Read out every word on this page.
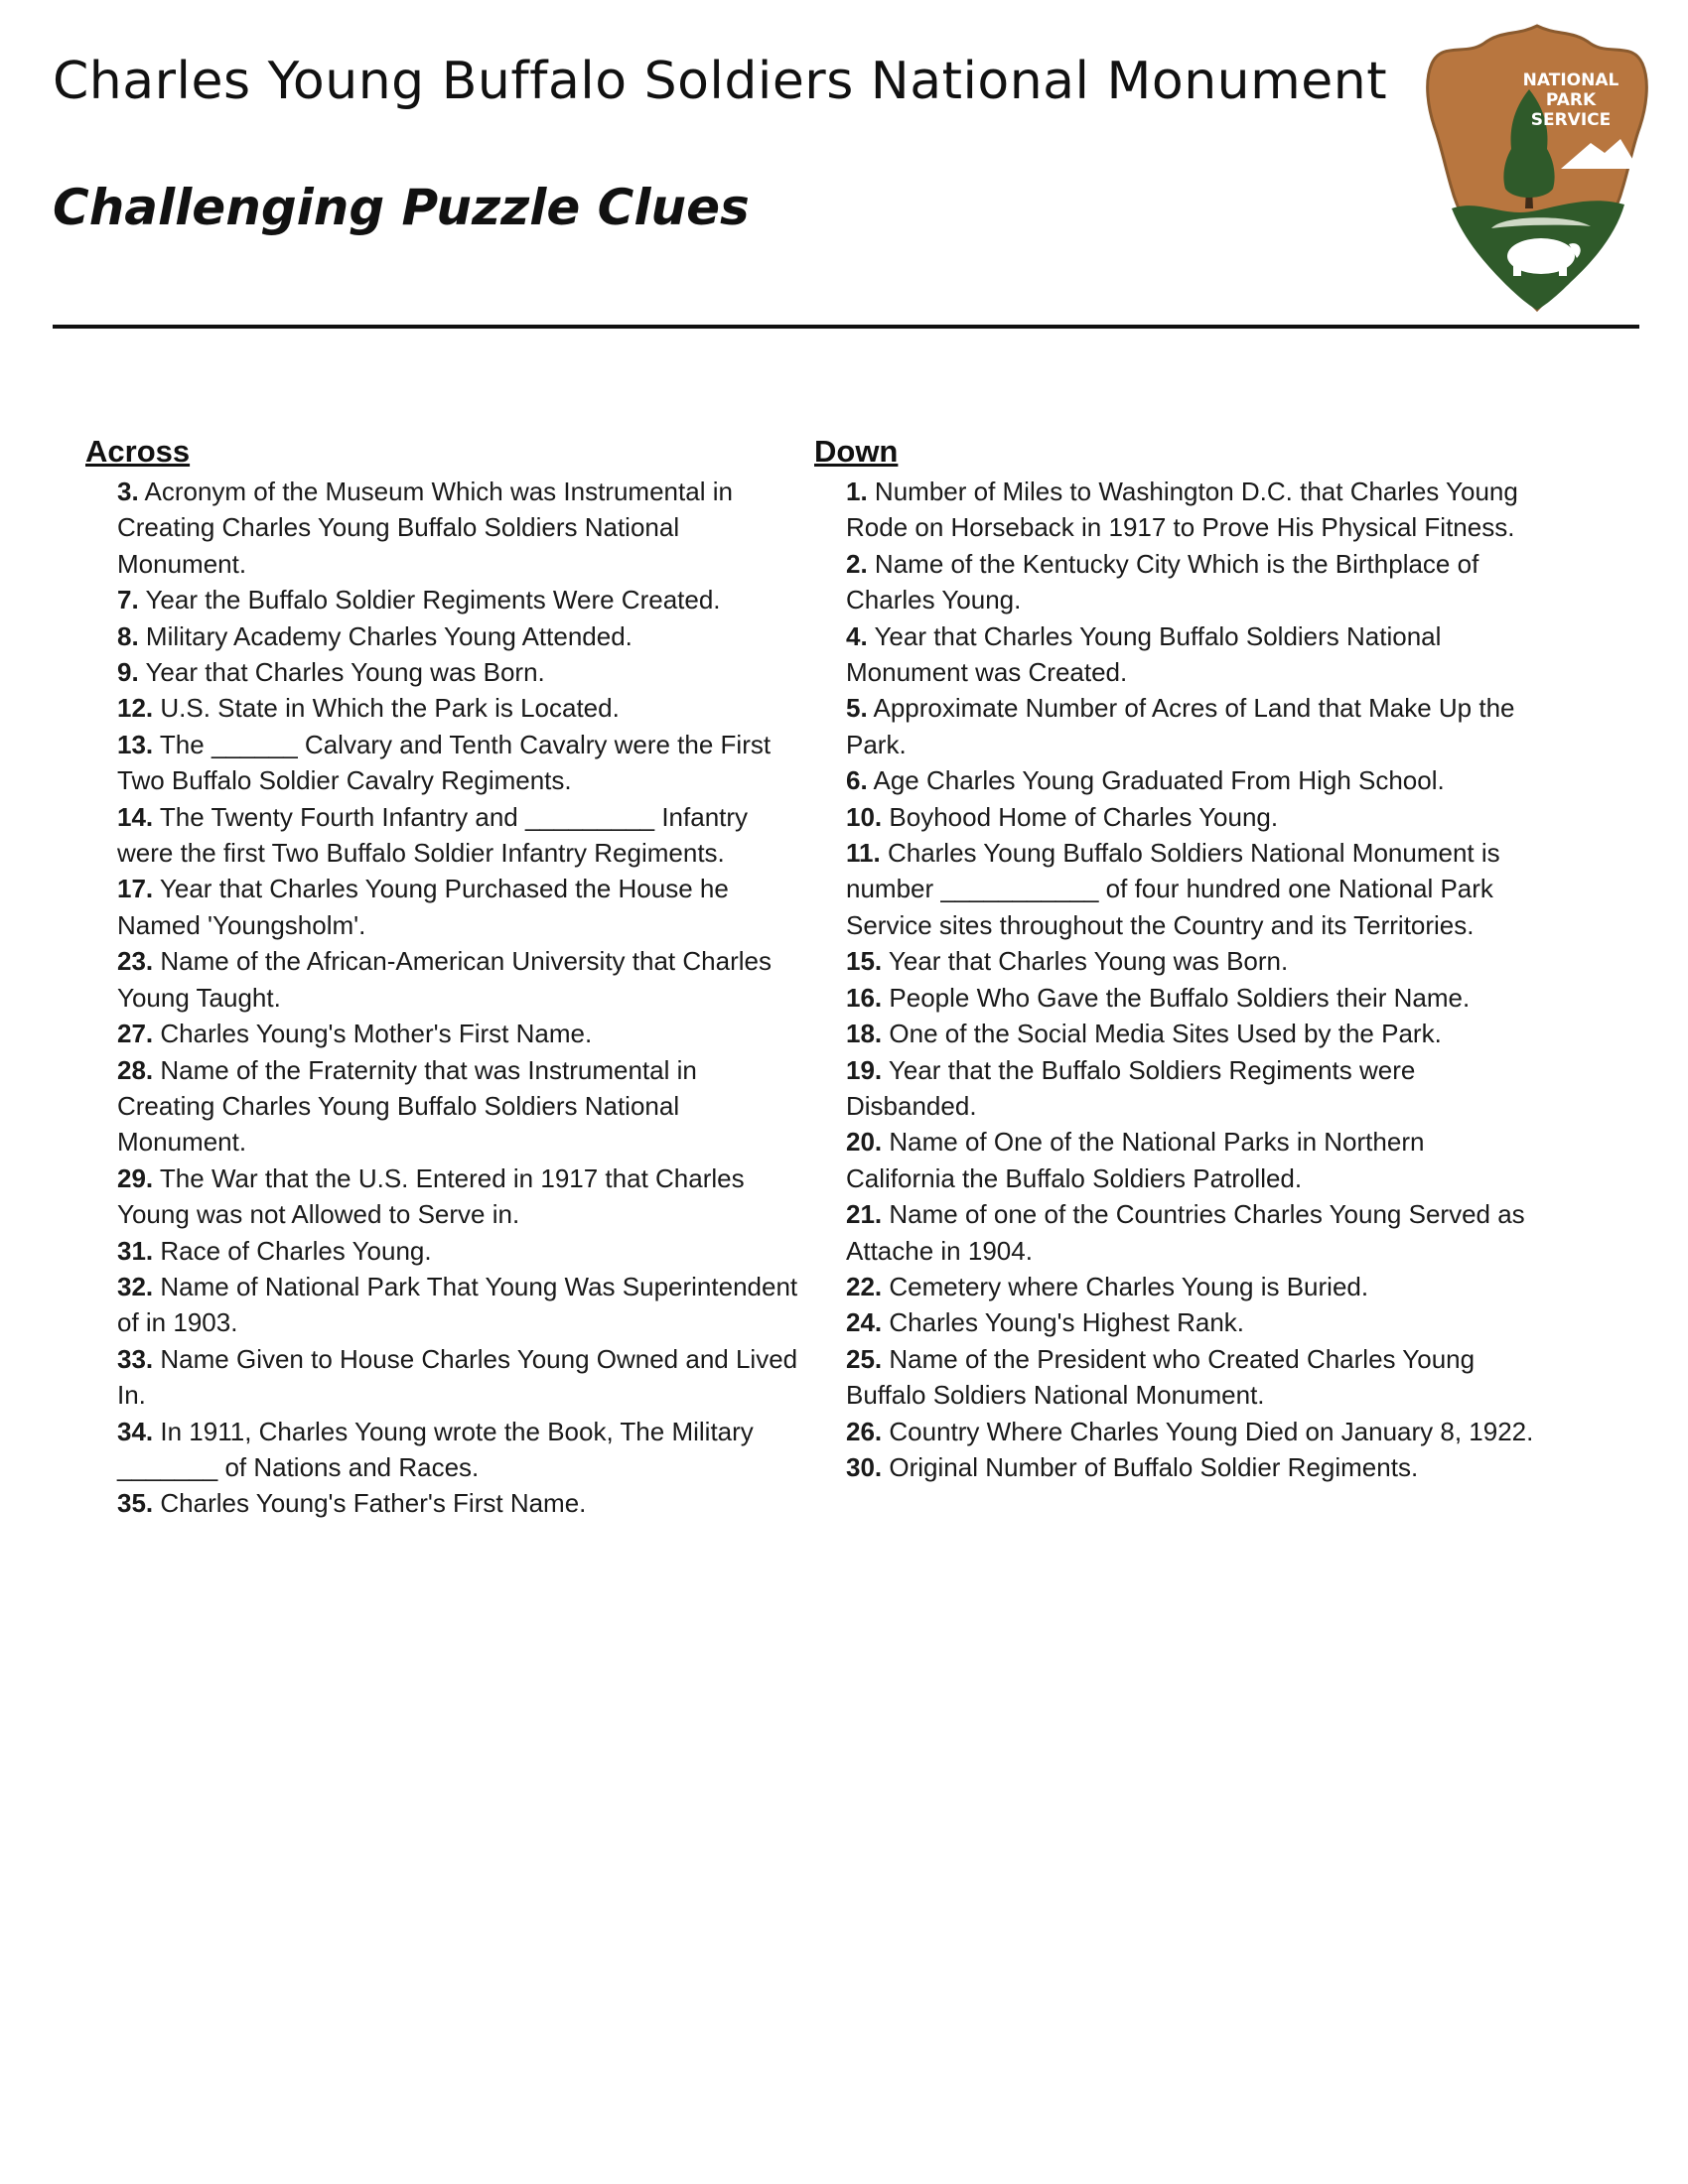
Charles Young Buffalo Soldiers National Monument
Challenging Puzzle Clues
NATIONAL
PARK
SERVICE
Across
3. Acronym of the Museum Which was Instrumental in Creating Charles Young Buffalo Soldiers National Monument.
7. Year the Buffalo Soldier Regiments Were Created.
8. Military Academy Charles Young Attended.
9. Year that Charles Young was Born.
12. U.S. State in Which the Park is Located.
13. The ______ Calvary and Tenth Cavalry were the First Two Buffalo Soldier Cavalry Regiments.
14. The Twenty Fourth Infantry and _________ Infantry were the first Two Buffalo Soldier Infantry Regiments.
17. Year that Charles Young Purchased the House he Named 'Youngsholm'.
23. Name of the African-American University that Charles Young Taught.
27. Charles Young's Mother's First Name.
28. Name of the Fraternity that was Instrumental in Creating Charles Young Buffalo Soldiers National Monument.
29. The War that the U.S. Entered in 1917 that Charles Young was not Allowed to Serve in.
31. Race of Charles Young.
32. Name of National Park That Young Was Superintendent of in 1903.
33. Name Given to House Charles Young Owned and Lived In.
34. In 1911, Charles Young wrote the Book, The Military _______ of Nations and Races.
35. Charles Young's Father's First Name.
Down
1. Number of Miles to Washington D.C. that Charles Young Rode on Horseback in 1917 to Prove His Physical Fitness.
2. Name of the Kentucky City Which is the Birthplace of Charles Young.
4. Year that Charles Young Buffalo Soldiers National Monument was Created.
5. Approximate Number of Acres of Land that Make Up the Park.
6. Age Charles Young Graduated From High School.
10. Boyhood Home of Charles Young.
11. Charles Young Buffalo Soldiers National Monument is number ___________ of four hundred one National Park Service sites throughout the Country and its Territories.
15. Year that Charles Young was Born.
16. People Who Gave the Buffalo Soldiers their Name.
18. One of the Social Media Sites Used by the Park.
19. Year that the Buffalo Soldiers Regiments were Disbanded.
20. Name of One of the National Parks in Northern California the Buffalo Soldiers Patrolled.
21. Name of one of the Countries Charles Young Served as Attache in 1904.
22. Cemetery where Charles Young is Buried.
24. Charles Young's Highest Rank.
25. Name of the President who Created Charles Young Buffalo Soldiers National Monument.
26. Country Where Charles Young Died on January 8, 1922.
30. Original Number of Buffalo Soldier Regiments.
